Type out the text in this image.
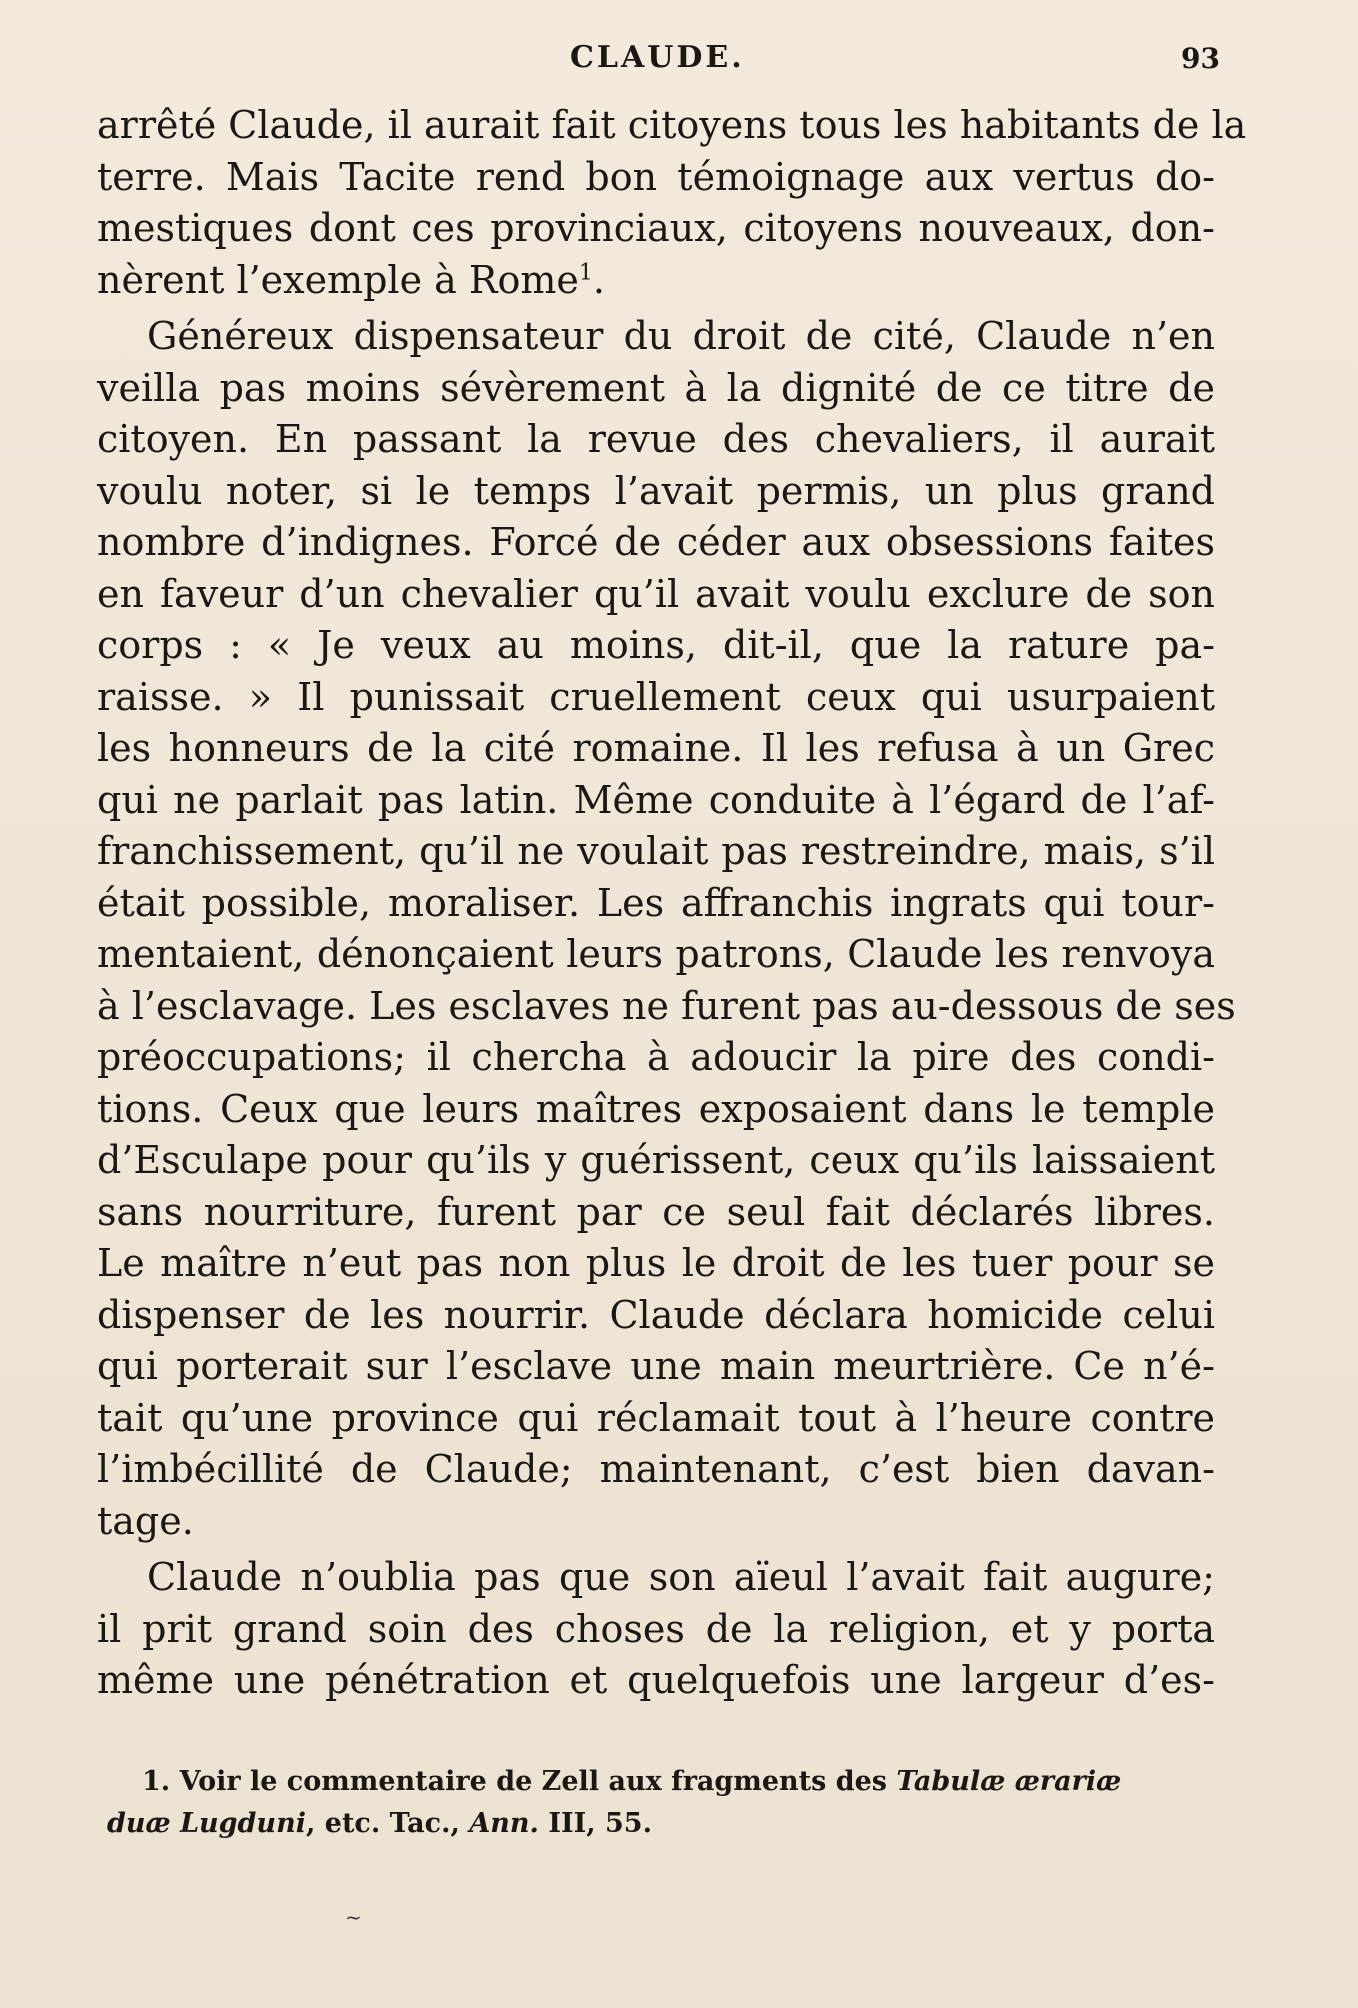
CLAUDE.	93
arrêté Claude, il aurait fait citoyens tous les habitants de la
terre. Mais Tacite rend bon témoignage aux vertus do-
mestiques dont ces provinciaux, citoyens nouveaux, don-
nèrent l’exemple à Rome$^1$.
Généreux dispensateur du droit de cité, Claude n’en
veilla pas moins sévèrement à la dignité de ce titre de
citoyen. En passant la revue des chevaliers, il aurait
voulu noter, si le temps l’avait permis, un plus grand
nombre d’indignes. Forcé de céder aux obsessions faites
en faveur d’un chevalier qu’il avait voulu exclure de son
corps : « Je veux au moins, dit-il, que la rature pa-
raisse. » Il punissait cruellement ceux qui usurpaient
les honneurs de la cité romaine. Il les refusa à un Grec
qui ne parlait pas latin. Même conduite à l’égard de l’af-
franchissement, qu’il ne voulait pas restreindre, mais, s’il
était possible, moraliser. Les affranchis ingrats qui tour-
mentaient, dénonçaient leurs patrons, Claude les renvoya
à l’esclavage. Les esclaves ne furent pas au-dessous de ses
préoccupations; il chercha à adoucir la pire des condi-
tions. Ceux que leurs maîtres exposaient dans le temple
d’Esculape pour qu’ils y guérissent, ceux qu’ils laissaient
sans nourriture, furent par ce seul fait déclarés libres.
Le maître n’eut pas non plus le droit de les tuer pour se
dispenser de les nourrir. Claude déclara homicide celui
qui porterait sur l’esclave une main meurtrière. Ce n’é-
tait qu’une province qui réclamait tout à l’heure contre
l’imbécillité de Claude; maintenant, c’est bien davan-
tage.
Claude n’oublia pas que son aïeul l’avait fait augure;
il prit grand soin des choses de la religion, et y porta
même une pénétration et quelquefois une largeur d’es-
1. Voir le commentaire de Zell aux fragments des Tabulæ ærariæ
duæ Lugduni, etc. Tac., Ann. III, 55.
~
